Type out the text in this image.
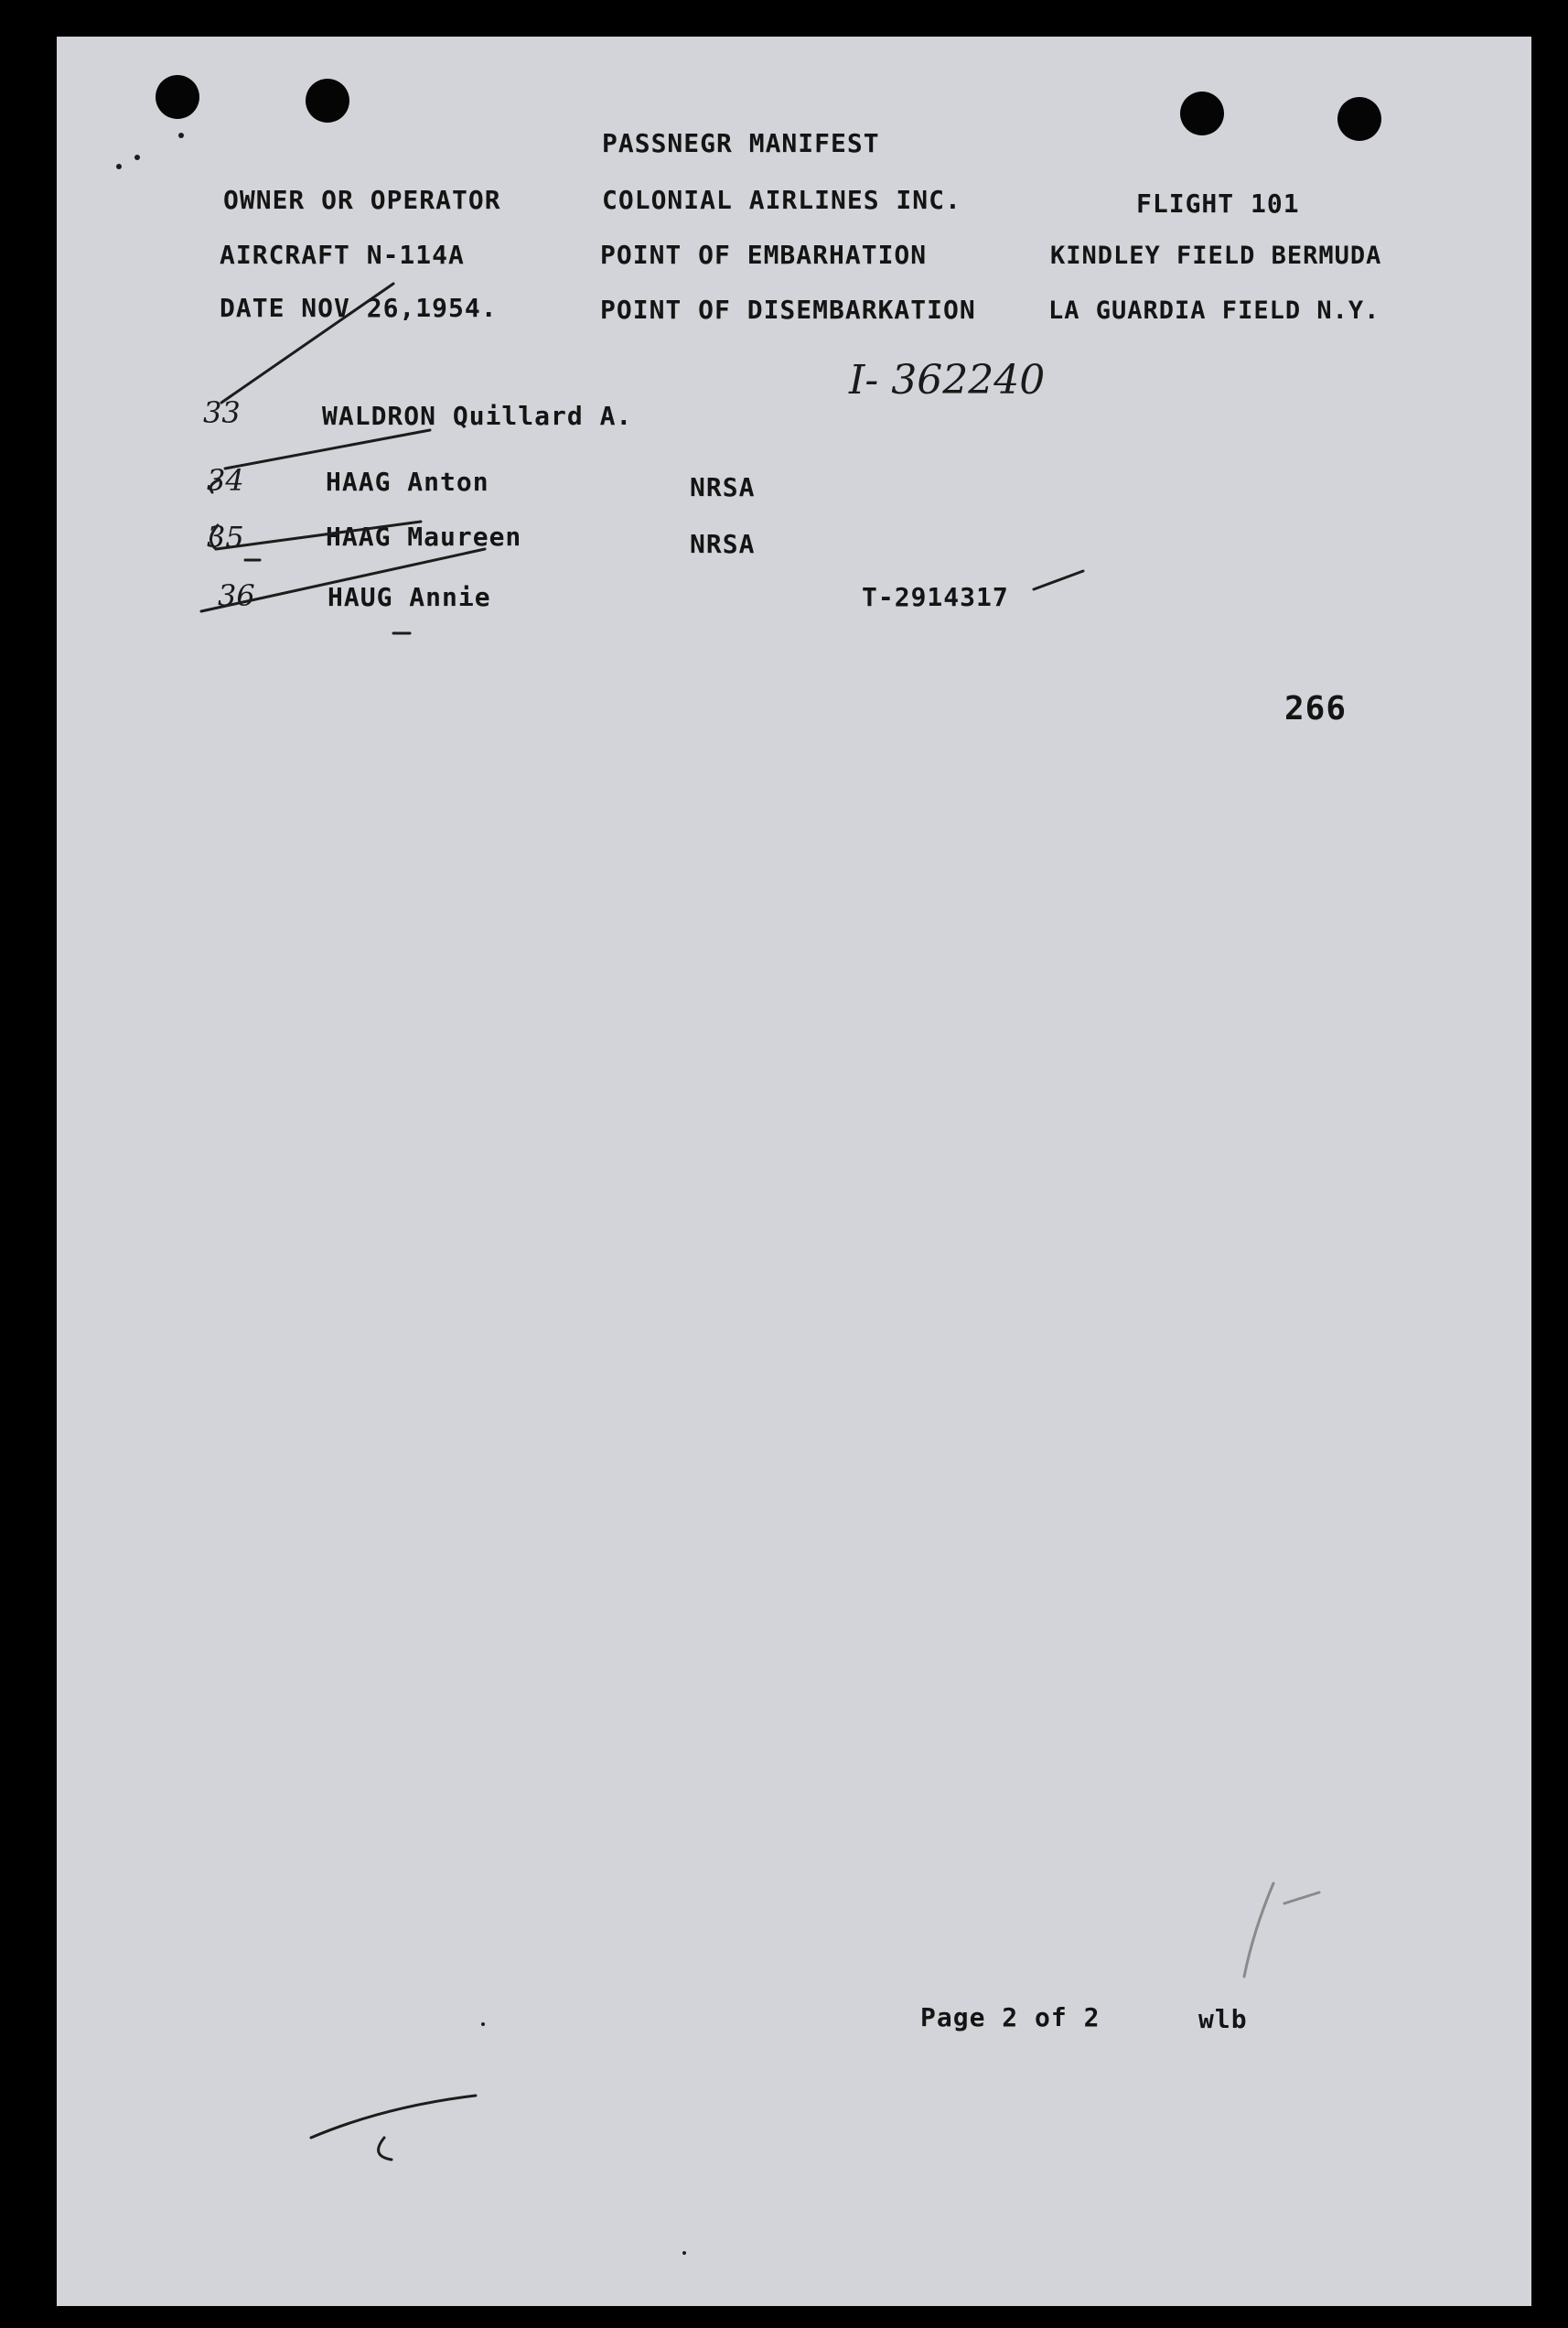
PASSNEGR MANIFEST
OWNER OR OPERATOR	COLONIAL AIRLINES INC.	FLIGHT 101
AIRCRAFT N-114A	POINT OF EMBARHATION	KINDLEY FIELD BERMUDA
DATE NOV 26,1954.	POINT OF DISEMBARKATION	LA GUARDIA FIELD N.Y.
I- 362240
33	WALDRON Quillard A.
34	HAAG Anton	NRSA
35	HAAG Maureen	NRSA
36	HAUG Annie	T-2914317
266
Page 2 of 2	wlb
